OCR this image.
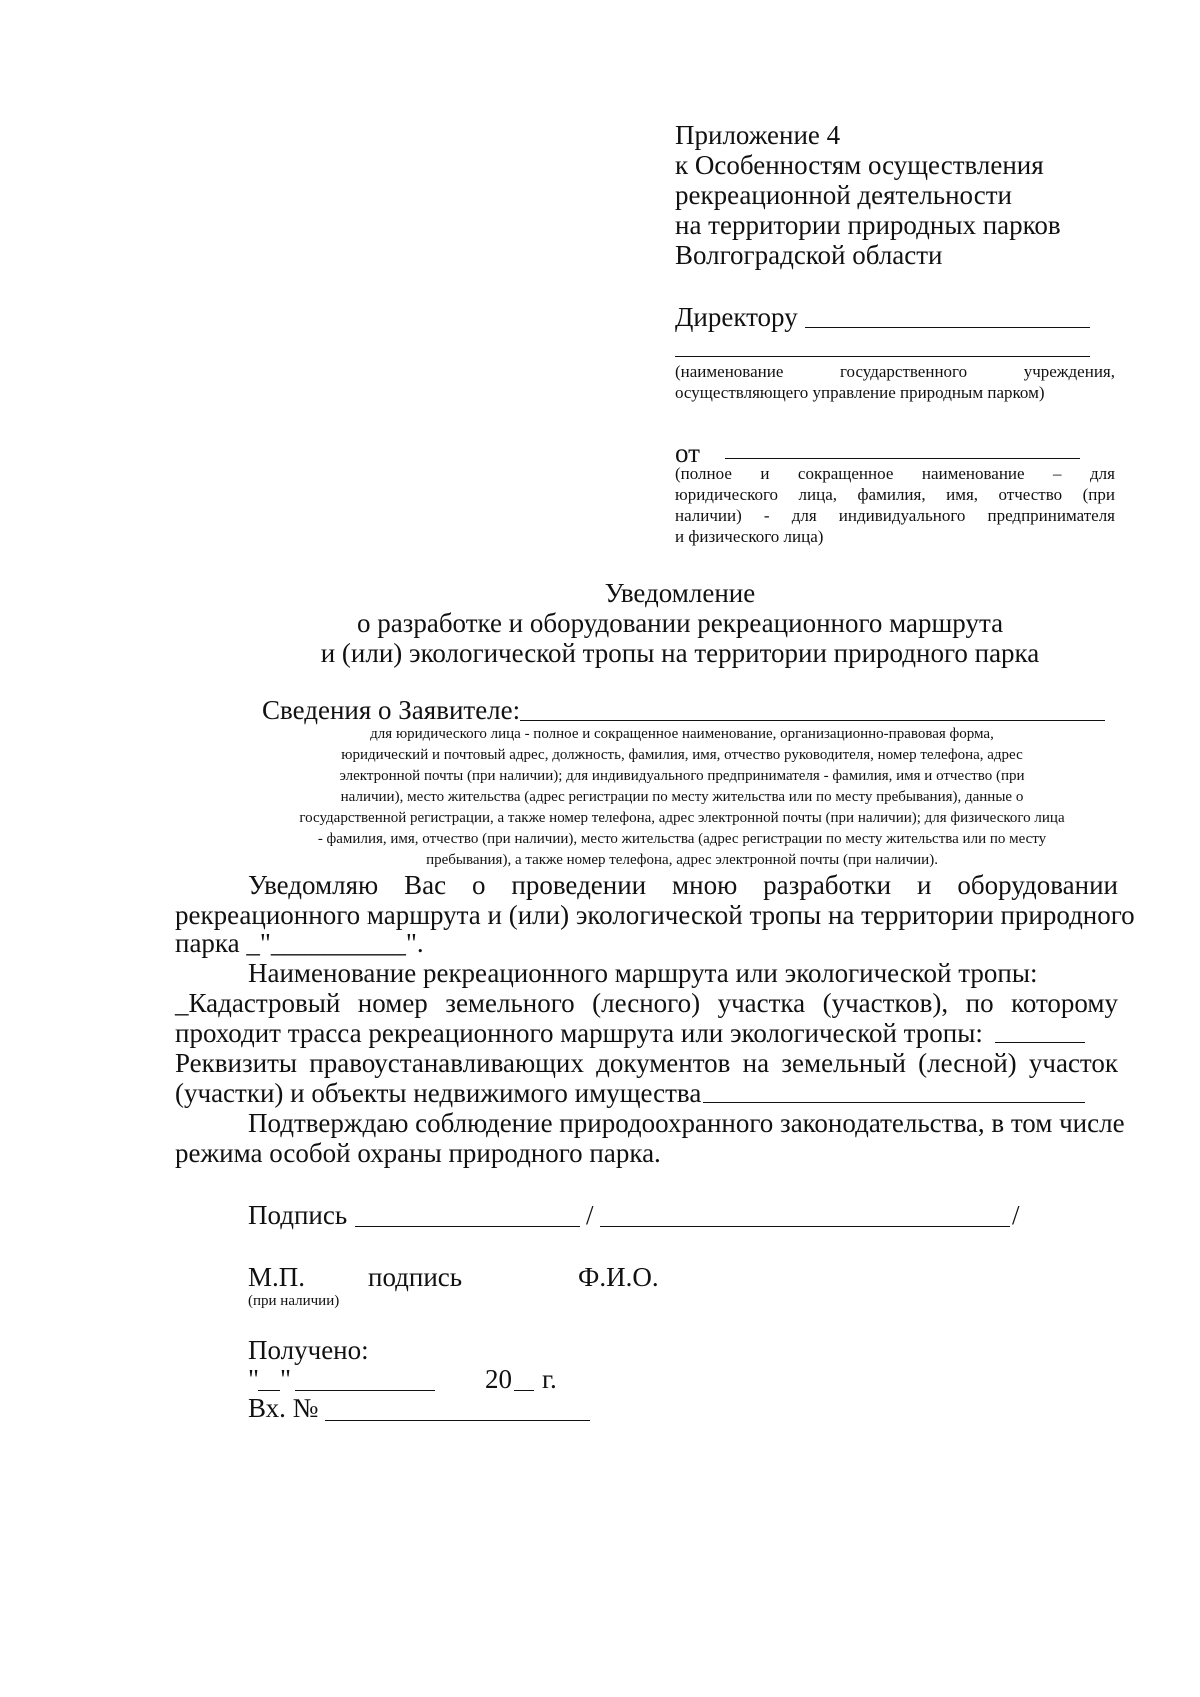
Приложение 4
к Особенностям осуществления
рекреационной деятельности
на территории природных парков
Волгоградской области
Директору
(наименование государственного учреждения,
осуществляющего управление природным парком)
от
(полное и сокращенное наименование – для
юридического лица, фамилия, имя, отчество (при
наличии) - для индивидуального предпринимателя
и физического лица)
Уведомление
о разработке и оборудовании рекреационного маршрута
и (или) экологической тропы на территории природного парка
Сведения о Заявителе:
для юридического лица - полное и сокращенное наименование, организационно-правовая форма,
юридический и почтовый адрес, должность, фамилия, имя, отчество руководителя, номер телефона, адрес
электронной почты (при наличии); для индивидуального предпринимателя - фамилия, имя и отчество (при
наличии), место жительства (адрес регистрации по месту жительства или по месту пребывания), данные о
государственной регистрации, а также номер телефона, адрес электронной почты (при наличии); для физического лица
- фамилия, имя, отчество (при наличии), место жительства (адрес регистрации по месту жительства или по месту
пребывания), а также номер телефона, адрес электронной почты (при наличии).
Уведомляю Вас о проведении мною разработки и оборудовании
рекреационного маршрута и (или) экологической тропы на территории природного
парка _"__________".
Наименование рекреационного маршрута или экологической тропы:
_Кадастровый номер земельного (лесного) участка (участков), по которому
проходит трасса рекреационного маршрута или экологической тропы:
Реквизиты правоустанавливающих документов на земельный (лесной) участок
(участки) и объекты недвижимого имущества
Подтверждаю соблюдение природоохранного законодательства, в том числе
режима особой охраны природного парка.
Подпись	/	/
М.П. подпись	Ф.И.О.
(при наличии)
Получено:
" "	20 г.
Вх. №
